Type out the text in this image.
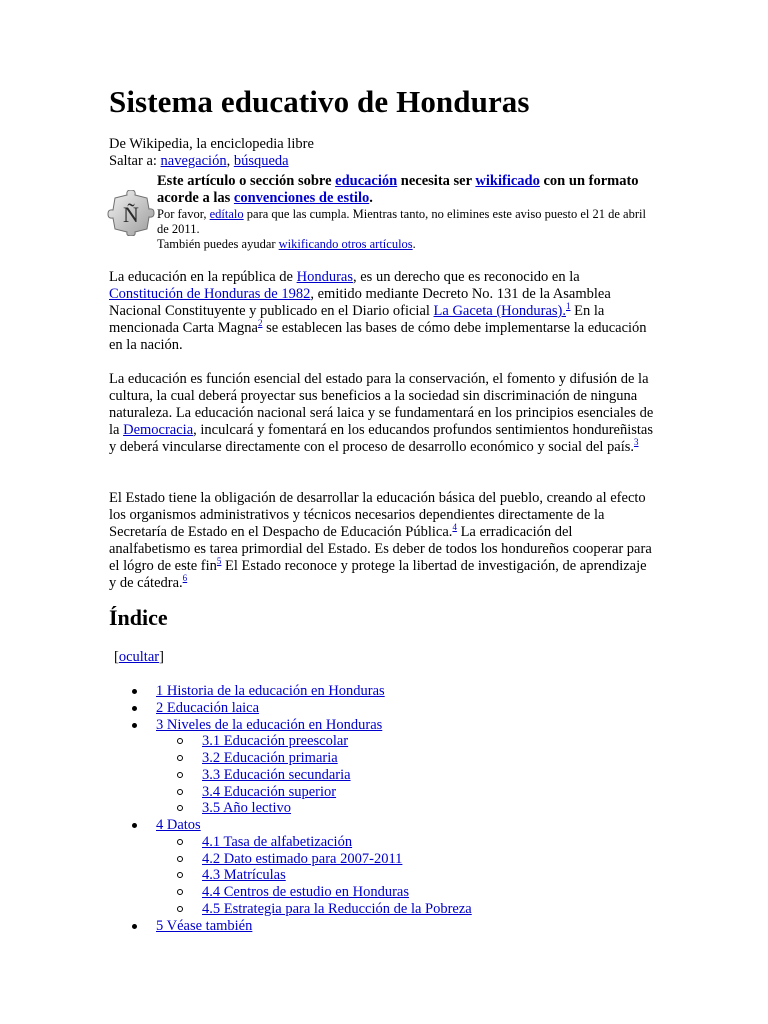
Sistema educativo de Honduras
De Wikipedia, la enciclopedia libre
Saltar a: navegación, búsqueda
Ñ

Este artículo o sección sobre educación necesita ser wikificado con un formato acorde a las convenciones de estilo.

Por favor, edítalo para que las cumpla. Mientras tanto, no elimines este aviso puesto el 21 de abril de 2011.

También puedes ayudar wikificando otros artículos.

La educación en la república de Honduras, es un derecho que es reconocido en la Constitución de Honduras de 1982, emitido mediante Decreto No. 131 de la Asamblea Nacional Constituyente y publicado en el Diario oficial La Gaceta (Honduras).$^1$ En la mencionada Carta Magna$^2$ se establecen las bases de cómo debe implementarse la educación en la nación.

La educación es función esencial del estado para la conservación, el fomento y difusión de la cultura, la cual deberá proyectar sus beneficios a la sociedad sin discriminación de ninguna naturaleza. La educación nacional será laica y se fundamentará en los principios esenciales de la Democracia, inculcará y fomentará en los educandos profundos sentimientos hondureñistas y deberá vincularse directamente con el proceso de desarrollo económico y social del país.$^3$

El Estado tiene la obligación de desarrollar la educación básica del pueblo, creando al efecto los organismos administrativos y técnicos necesarios dependientes directamente de la Secretaría de Estado en el Despacho de Educación Pública.$^4$ La erradicación del analfabetismo es tarea primordial del Estado. Es deber de todos los hondureños cooperar para el lógro de este fin$^5$ El Estado reconoce y protege la libertad de investigación, de aprendizaje y de cátedra.$^6$

Índice
[ocultar]
1 Historia de la educación en Honduras
2 Educación laica
3 Niveles de la educación en Honduras
3.1 Educación preescolar
3.2 Educación primaria
3.3 Educación secundaria
3.4 Educación superior
3.5 Año lectivo
4 Datos
4.1 Tasa de alfabetización
4.2 Dato estimado para 2007-2011
4.3 Matrículas
4.4 Centros de estudio en Honduras
4.5 Estrategia para la Reducción de la Pobreza
5 Véase también
